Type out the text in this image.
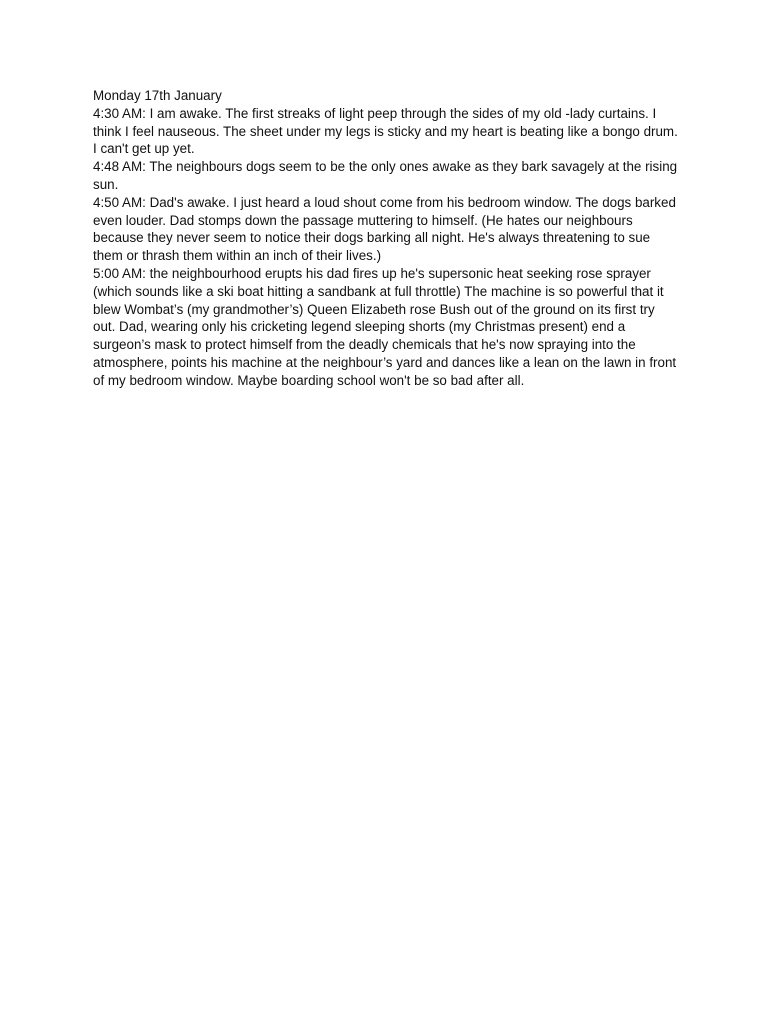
Monday 17th January

4:30 AM: I am awake. The first streaks of light peep through the sides of my old -lady curtains. I think I feel nauseous. The sheet under my legs is sticky and my heart is beating like a bongo drum. I can't get up yet.

4:48 AM: The neighbours dogs seem to be the only ones awake as they bark savagely at the rising sun.

4:50 AM: Dad's awake. I just heard a loud shout come from his bedroom window. The dogs barked even louder. Dad stomps down the passage muttering to himself. (He hates our neighbours because they never seem to notice their dogs barking all night. He's always threatening to sue them or thrash them within an inch of their lives.)

5:00 AM: the neighbourhood erupts his dad fires up he's supersonic heat seeking rose sprayer (which sounds like a ski boat hitting a sandbank at full throttle) The machine is so powerful that it blew Wombat’s (my grandmother’s) Queen Elizabeth rose Bush out of the ground on its first try out. Dad, wearing only his cricketing legend sleeping shorts (my Christmas present) end a surgeon’s mask to protect himself from the deadly chemicals that he's now spraying into the atmosphere, points his machine at the neighbour’s yard and dances like a lean on the lawn in front of my bedroom window. Maybe boarding school won't be so bad after all.
